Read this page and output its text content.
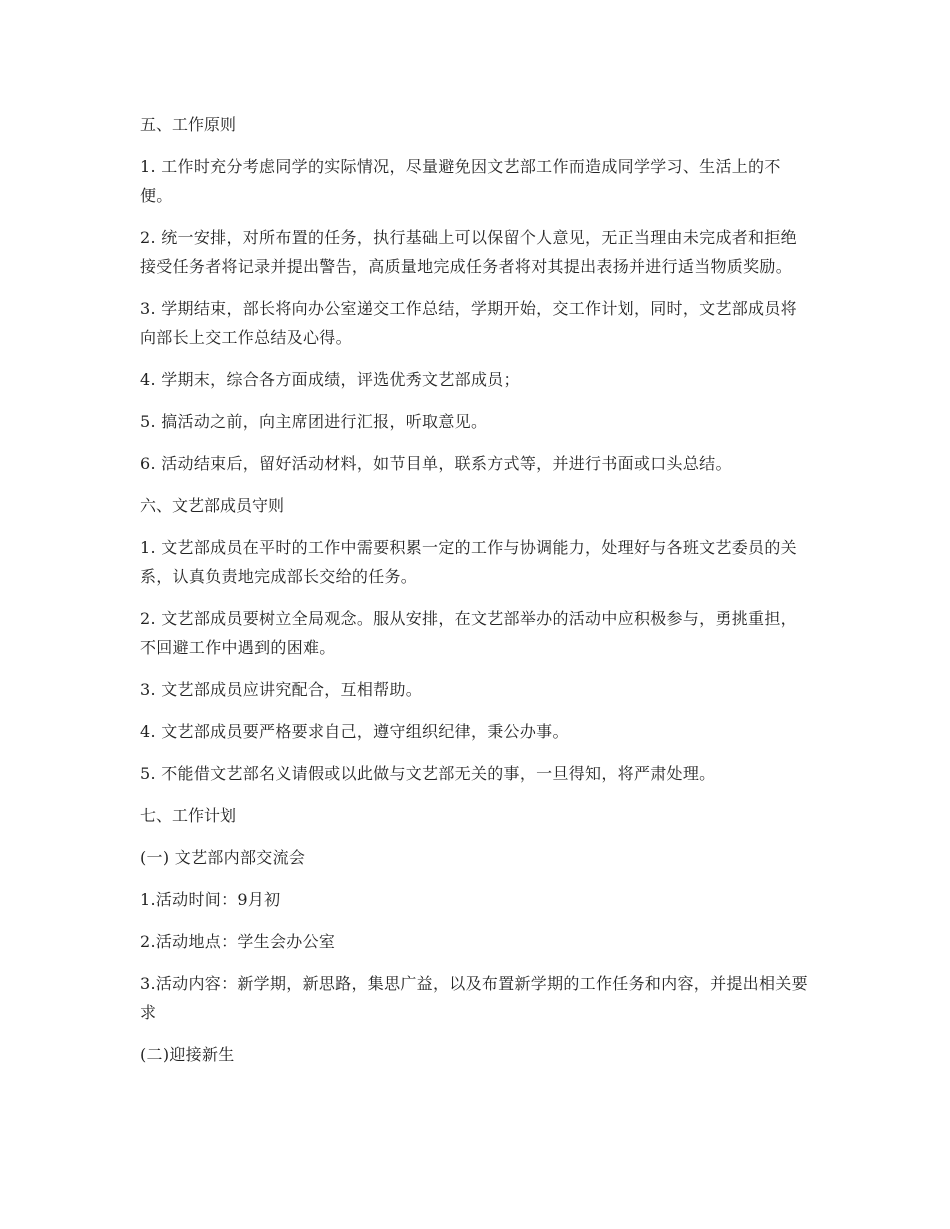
五、工作原则

1. 工作时充分考虑同学的实际情况，尽量避免因文艺部工作而造成同学学习、生活上的不便。

2. 统一安排，对所布置的任务，执行基础上可以保留个人意见，无正当理由未完成者和拒绝接受任务者将记录并提出警告，高质量地完成任务者将对其提出表扬并进行适当物质奖励。

3. 学期结束，部长将向办公室递交工作总结，学期开始，交工作计划，同时，文艺部成员将向部长上交工作总结及心得。

4. 学期末，综合各方面成绩，评选优秀文艺部成员；

5. 搞活动之前，向主席团进行汇报，听取意见。

6. 活动结束后，留好活动材料，如节目单，联系方式等，并进行书面或口头总结。

六、文艺部成员守则

1. 文艺部成员在平时的工作中需要积累一定的工作与协调能力，处理好与各班文艺委员的关系，认真负责地完成部长交给的任务。

2. 文艺部成员要树立全局观念。服从安排，在文艺部举办的活动中应积极参与，勇挑重担，不回避工作中遇到的困难。

3. 文艺部成员应讲究配合，互相帮助。

4. 文艺部成员要严格要求自己，遵守组织纪律，秉公办事。

5. 不能借文艺部名义请假或以此做与文艺部无关的事，一旦得知，将严肃处理。

七、工作计划

(一) 文艺部内部交流会

1.活动时间：9月初

2.活动地点：学生会办公室

3.活动内容：新学期，新思路，集思广益，以及布置新学期的工作任务和内容，并提出相关要求

(二)迎接新生
